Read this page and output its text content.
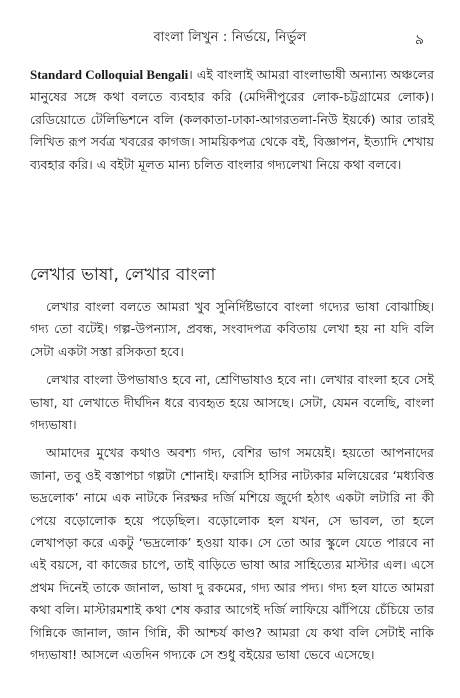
বাংলা লিখুন : নির্ভয়ে, নির্ভুল	৯

Standard Colloquial Bengali। এই বাংলাই আমরা বাংলাভাষী অন্যান্য অঞ্চলের মানুষের সঙ্গে কথা বলতে ব্যবহার করি (মেদিনীপুরের লোক-চট্টগ্রামের লোক)। রেডিয়োতে টেলিভিশনে বলি (কলকাতা-ঢাকা-আগরতলা-নিউ ইয়র্কে) আর তারই লিখিত রূপ সর্বত্র খবরের কাগজ। সাময়িকপত্র থেকে বই, বিজ্ঞাপন, ইত্যাদি শেখায় ব্যবহার করি। এ বইটা মূলত মান্য চলিত বাংলার গদ্যলেখা নিয়ে কথা বলবে।

লেখার ভাষা, লেখার বাংলা

লেখার বাংলা বলতে আমরা খুব সুনির্দিষ্টভাবে বাংলা গদ্যের ভাষা বোঝাচ্ছি। গদ্য তো বটেই। গল্প-উপন্যাস, প্রবন্ধ, সংবাদপত্র কবিতায় লেখা হয় না যদি বলি সেটা একটা সস্তা রসিকতা হবে।

লেখার বাংলা উপভাষাও হবে না, শ্রেণিভাষাও হবে না। লেখার বাংলা হবে সেই ভাষা, যা লেখাতে দীর্ঘদিন ধরে ব্যবহৃত হয়ে আসছে। সেটা, যেমন বলেছি, বাংলা গদ্যভাষা।

আমাদের মুখের কথাও অবশ্য গদ্য, বেশির ভাগ সময়েই। হয়তো আপনাদের জানা, তবু ওই বস্তাপচা গল্পটা শোনাই। ফরাসি হাসির নাট্যকার মলিয়েরের ‘মধ্যবিত্ত ভদ্রলোক’ নামে এক নাটকে নিরক্ষর দর্জি মশিয়ে জুর্দো হঠাৎ একটা লটারি না কী পেয়ে বড়োলোক হয়ে পড়েছিল। বড়োলোক হল যখন, সে ভাবল, তা হলে লেখাপড়া করে একটু ‘ভদ্রলোক’ হওয়া যাক। সে তো আর স্কুলে যেতে পারবে না এই বয়সে, বা কাজের চাপে, তাই বাড়িতে ভাষা আর সাহিত্যের মাস্টার এল। এসে প্রথম দিনেই তাকে জানাল, ভাষা দু রকমের, গদ্য আর পদ্য। গদ্য হল যাতে আমরা কথা বলি। মাস্টারমশাই কথা শেষ করার আগেই দর্জি লাফিয়ে ঝাঁপিয়ে চেঁচিয়ে তার গিন্নিকে জানাল, জান গিন্নি, কী আশ্চর্য কাণ্ড? আমরা যে কথা বলি সেটাই নাকি গদ্যভাষা! আসলে এতদিন গদ্যকে সে শুধু বইয়ের ভাষা ভেবে এসেছে।
